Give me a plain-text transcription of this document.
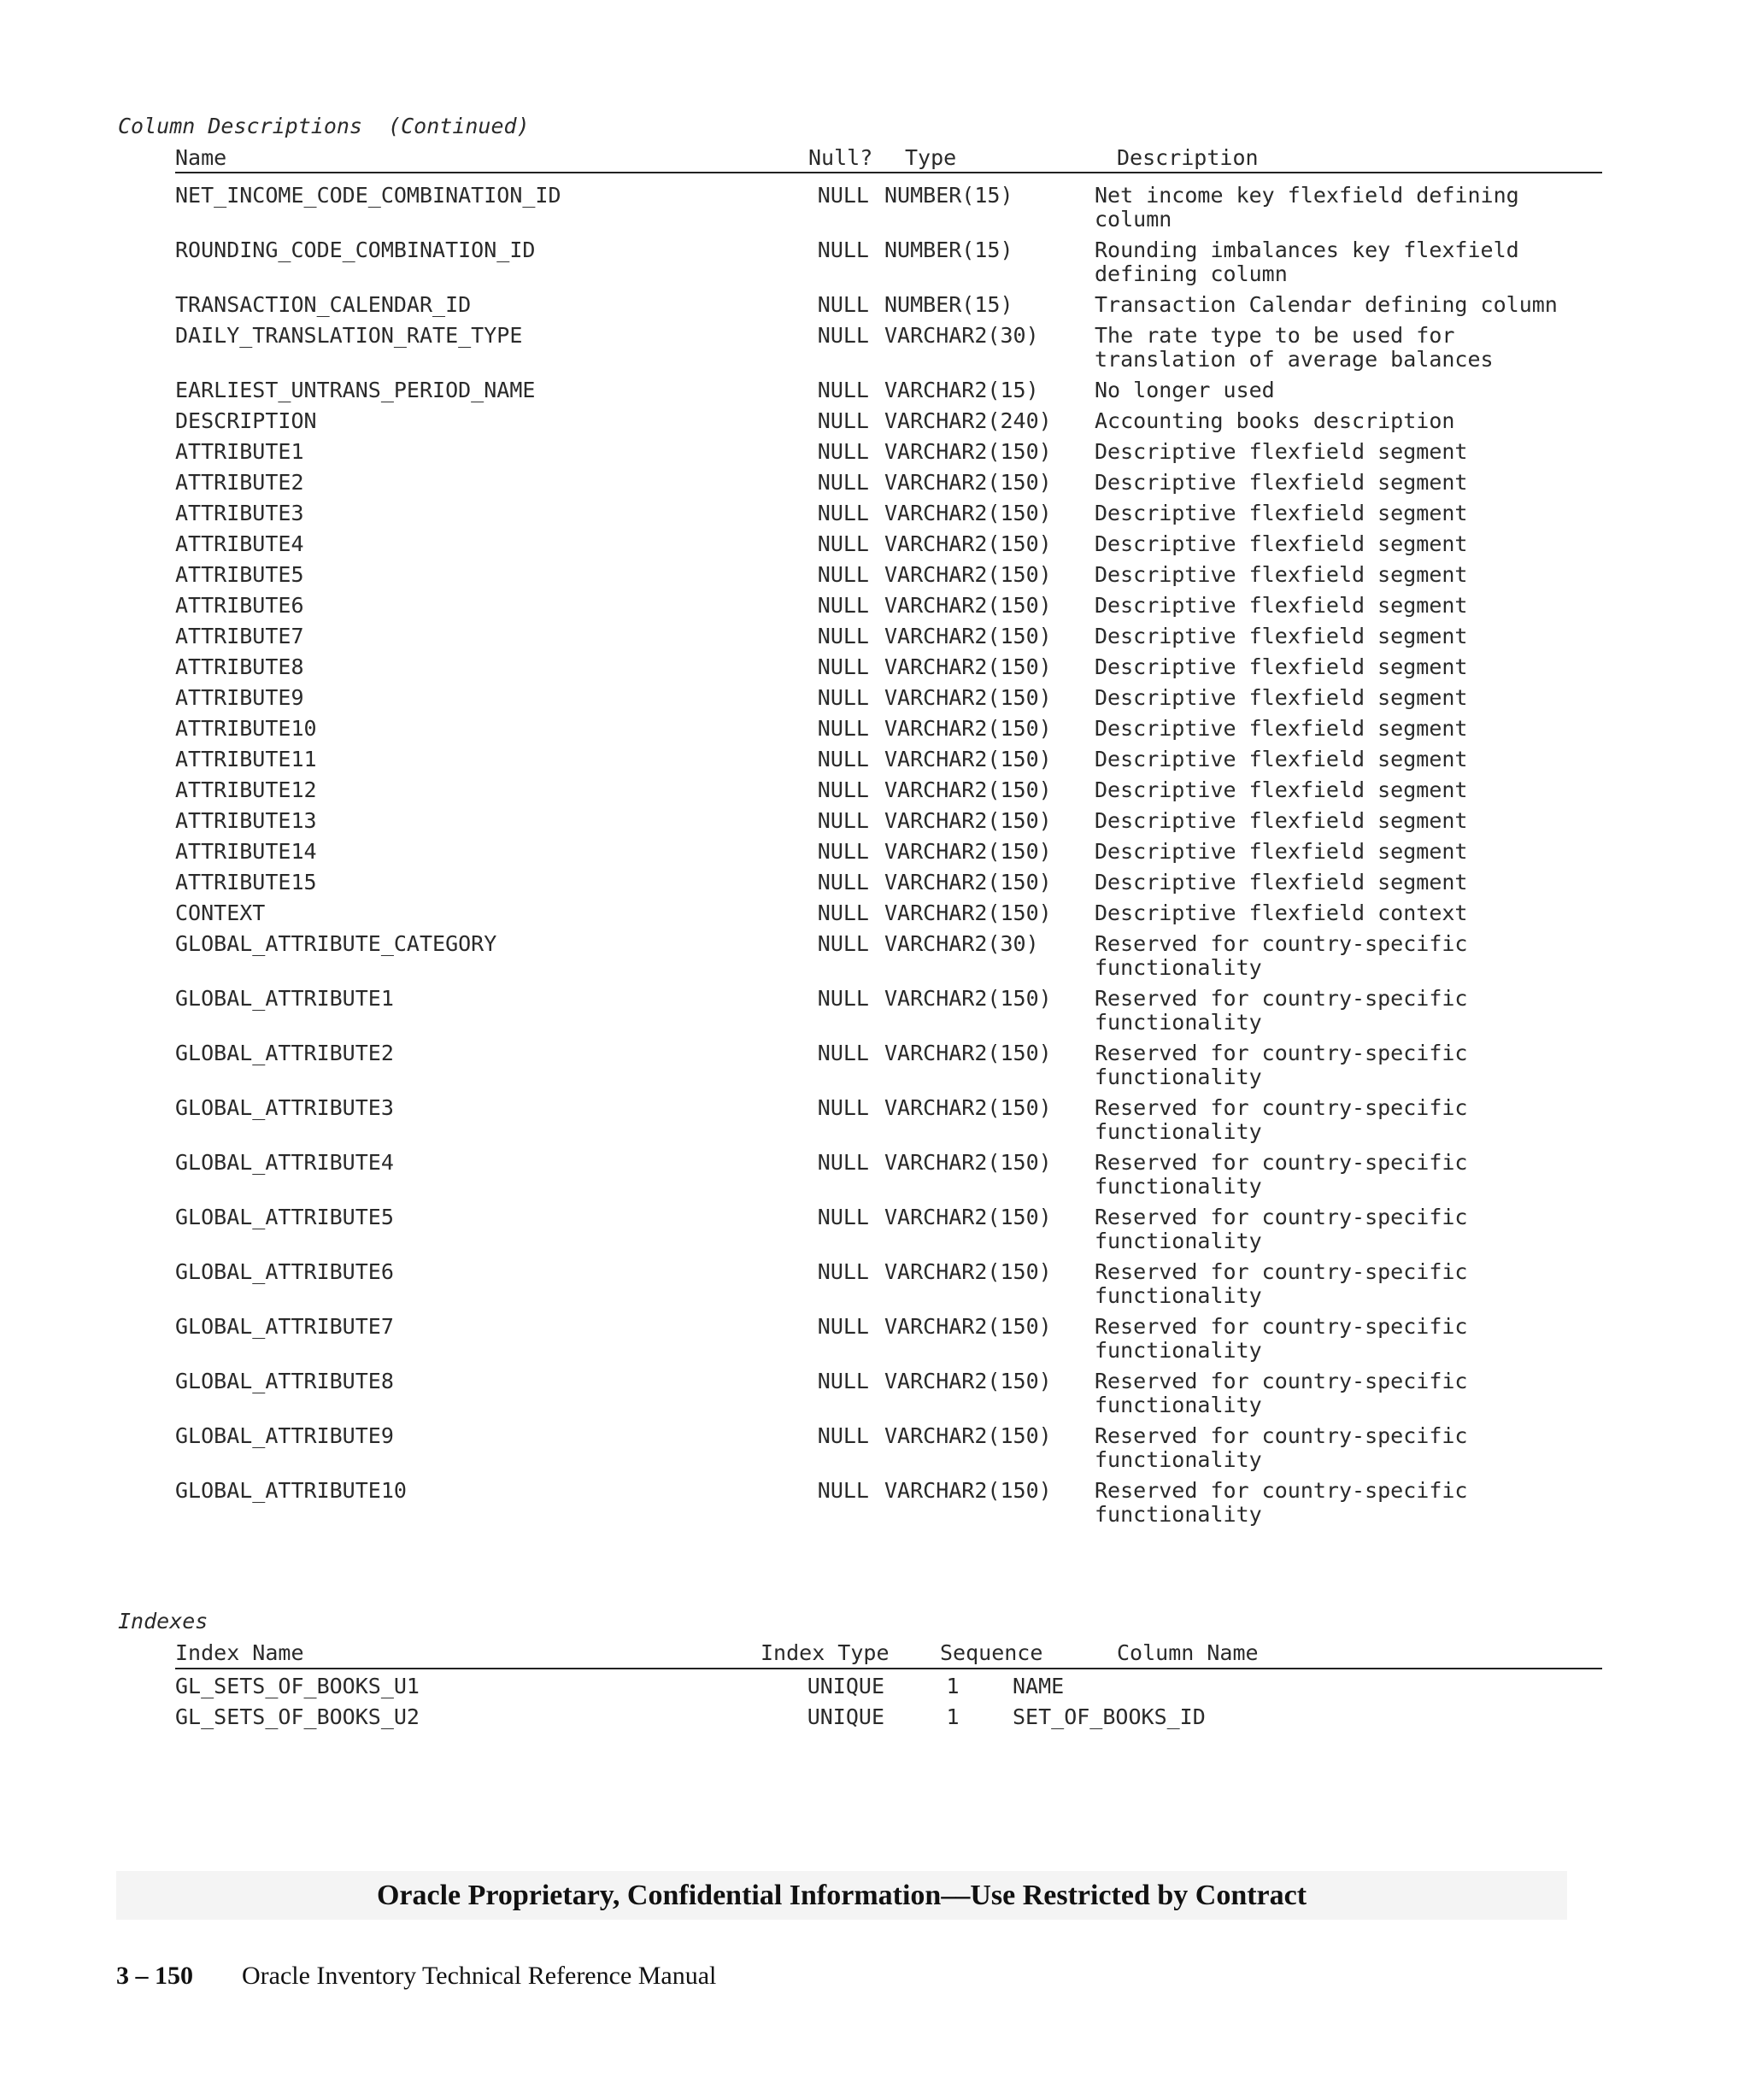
Column Descriptions  (Continued)
Name	Null? Type	Description
NET_INCOME_CODE_COMBINATION_ID	NULL	NUMBER(15)	Net income key flexfield defining column

ROUNDING_CODE_COMBINATION_ID	NULL	NUMBER(15)	Rounding imbalances key flexfield defining column

TRANSACTION_CALENDAR_ID	NULL	NUMBER(15)	Transaction Calendar defining column

DAILY_TRANSLATION_RATE_TYPE	NULL	VARCHAR2(30)	The rate type to be used for translation of average balances

EARLIEST_UNTRANS_PERIOD_NAME	NULL	VARCHAR2(15)	No longer used

DESCRIPTION	NULL	VARCHAR2(240)	Accounting books description

ATTRIBUTE1	NULL	VARCHAR2(150)	Descriptive flexfield segment

ATTRIBUTE2	NULL	VARCHAR2(150)	Descriptive flexfield segment

ATTRIBUTE3	NULL	VARCHAR2(150)	Descriptive flexfield segment

ATTRIBUTE4	NULL	VARCHAR2(150)	Descriptive flexfield segment

ATTRIBUTE5	NULL	VARCHAR2(150)	Descriptive flexfield segment

ATTRIBUTE6	NULL	VARCHAR2(150)	Descriptive flexfield segment

ATTRIBUTE7	NULL	VARCHAR2(150)	Descriptive flexfield segment

ATTRIBUTE8	NULL	VARCHAR2(150)	Descriptive flexfield segment

ATTRIBUTE9	NULL	VARCHAR2(150)	Descriptive flexfield segment

ATTRIBUTE10	NULL	VARCHAR2(150)	Descriptive flexfield segment

ATTRIBUTE11	NULL	VARCHAR2(150)	Descriptive flexfield segment

ATTRIBUTE12	NULL	VARCHAR2(150)	Descriptive flexfield segment

ATTRIBUTE13	NULL	VARCHAR2(150)	Descriptive flexfield segment

ATTRIBUTE14	NULL	VARCHAR2(150)	Descriptive flexfield segment

ATTRIBUTE15	NULL	VARCHAR2(150)	Descriptive flexfield segment

CONTEXT	NULL	VARCHAR2(150)	Descriptive flexfield context

GLOBAL_ATTRIBUTE_CATEGORY	NULL	VARCHAR2(30)	Reserved for country-specific functionality

GLOBAL_ATTRIBUTE1	NULL	VARCHAR2(150)	Reserved for country-specific functionality

GLOBAL_ATTRIBUTE2	NULL	VARCHAR2(150)	Reserved for country-specific functionality

GLOBAL_ATTRIBUTE3	NULL	VARCHAR2(150)	Reserved for country-specific functionality

GLOBAL_ATTRIBUTE4	NULL	VARCHAR2(150)	Reserved for country-specific functionality

GLOBAL_ATTRIBUTE5	NULL	VARCHAR2(150)	Reserved for country-specific functionality

GLOBAL_ATTRIBUTE6	NULL	VARCHAR2(150)	Reserved for country-specific functionality

GLOBAL_ATTRIBUTE7	NULL	VARCHAR2(150)	Reserved for country-specific functionality

GLOBAL_ATTRIBUTE8	NULL	VARCHAR2(150)	Reserved for country-specific functionality

GLOBAL_ATTRIBUTE9	NULL	VARCHAR2(150)	Reserved for country-specific functionality

GLOBAL_ATTRIBUTE10	NULL	VARCHAR2(150)	Reserved for country-specific functionality
Indexes
Index Name	Index Type Sequence	Column Name
GL_SETS_OF_BOOKS_U1	UNIQUE	1	NAME
GL_SETS_OF_BOOKS_U2	UNIQUE	1	SET_OF_BOOKS_ID
Oracle Proprietary, Confidential Information––Use Restricted by Contract
3 – 150 Oracle Inventory Technical Reference Manual
